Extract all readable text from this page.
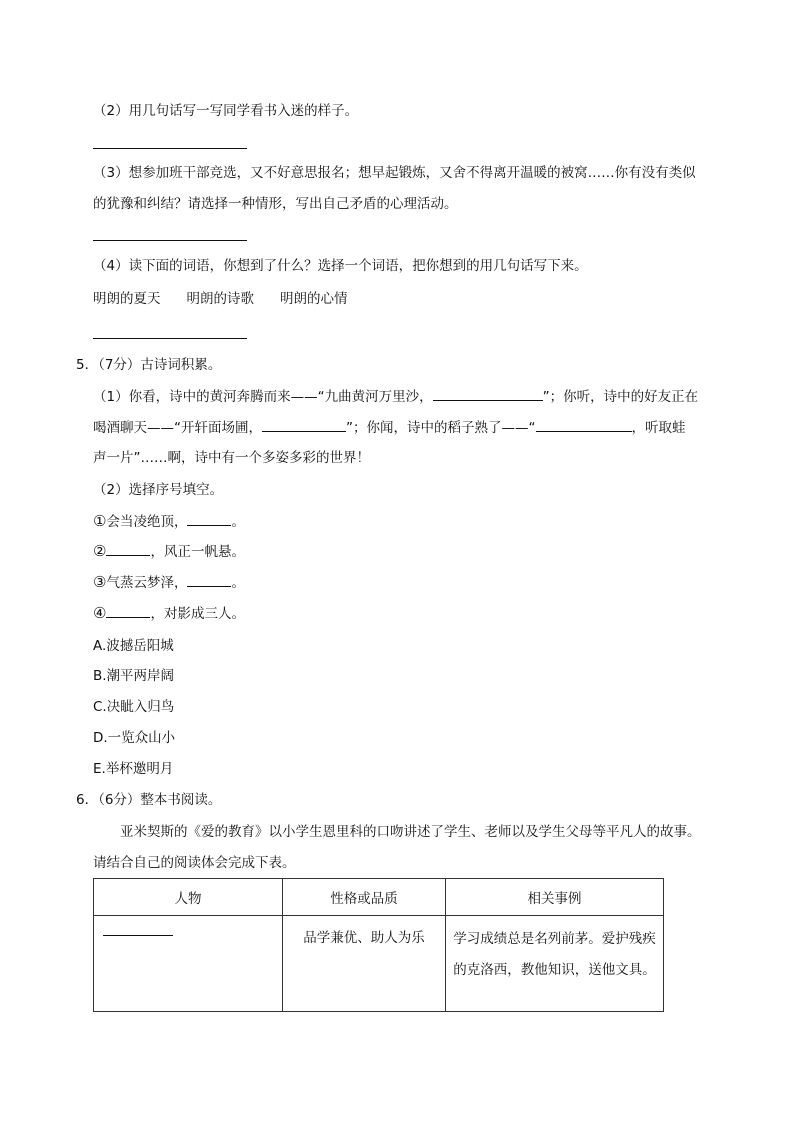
（2）用几句话写一写同学看书入迷的样子。
（3）想参加班干部竞选，又不好意思报名；想早起锻炼，又舍不得离开温暖的被窝……你有没有类似
的犹豫和纠结？请选择一种情形，写出自己矛盾的心理活动。
（4）读下面的词语，你想到了什么？选择一个词语，把你想到的用几句话写下来。
明朗的夏天 明朗的诗歌 明朗的心情
5．（7分）古诗词积累。
（1）你看，诗中的黄河奔腾而来——“九曲黄河万里沙，	”；你听，诗中的好友正在
喝酒聊天——“开轩面场圃，	”；你闻，诗中的稻子熟了——“	，听取蛙
声一片”……啊，诗中有一个多姿多彩的世界！
（2）选择序号填空。
①会当凌绝顶，	。
②	，风正一帆悬。
③气蒸云梦泽，	。
④	，对影成三人。
A.波撼岳阳城
B.潮平两岸阔
C.决眦入归鸟
D.一览众山小
E.举杯邀明月
6．（6分）整本书阅读。
亚米契斯的《爱的教育》以小学生恩里科的口吻讲述了学生、老师以及学生父母等平凡人的故事。
请结合自己的阅读体会完成下表。
人物	性格或品质	相关事例

	品学兼优、助人为乐	学习成绩总是名列前茅。爱护残疾的克洛西，教他知识，送他文具。
